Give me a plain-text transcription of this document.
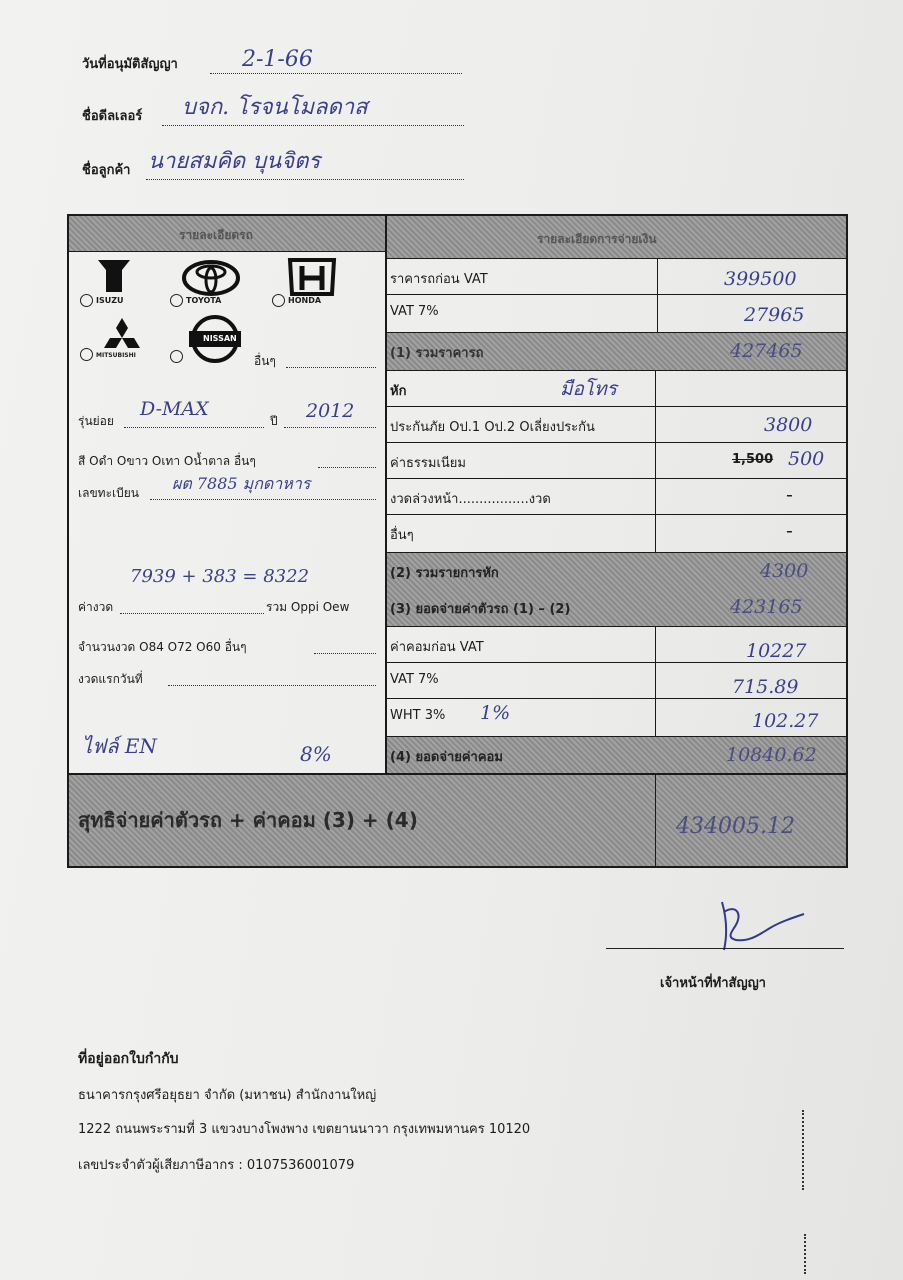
วันที่อนุมัติสัญญา	2-1-66
ชื่อดีลเลอร์ บจก. โรจนโมลดาส
ชื่อลูกค้า นายสมคิด บุนจิตร
รายละเอียดรถ	รายละเอียดการจ่ายเงิน
ISUZU	TOYOTA	HONDA
MITSUBISHI
NISSAN
อื่นๆ
รุ่นย่อย
D-MAX
ปี 2012
สี Oดำ Oขาว Oเทา Oน้ำตาล อื่นๆ
เลขทะเบียน ผต 7885 มุกดาหาร
ค่างวด
7939 + 383 = 8322
รวม Oppi Oew
จำนวนงวด O84 O72 O60 อื่นๆ
งวดแรกวันที่
ไฟล์ EN	8%
ราคารถก่อน VAT	399500
VAT 7%	27965
(1) รวมราคารถ	427465
หัก	มือโทร
ประกันภัย Oป.1 Oป.2 Oเลี่ยงประกัน	3800
ค่าธรรมเนียม	1,500 500
งวดล่วงหน้า.................งวด	-
อื่นๆ	-
(2) รวมรายการหัก	4300
(3) ยอดจ่ายค่าตัวรถ (1) – (2)	423165
ค่าคอมก่อน VAT	10227
VAT 7%	715.89
WHT 3% 1%	102.27
(4) ยอดจ่ายค่าคอม	10840.62
สุทธิจ่ายค่าตัวรถ + ค่าคอม (3) + (4)	434005.12
เจ้าหน้าที่ทำสัญญา
ที่อยู่ออกใบกำกับ
ธนาคารกรุงศรีอยุธยา จำกัด (มหาชน) สำนักงานใหญ่
1222 ถนนพระรามที่ 3 แขวงบางโพงพาง เขตยานนาวา กรุงเทพมหานคร 10120
เลขประจำตัวผู้เสียภาษีอากร : 0107536001079
